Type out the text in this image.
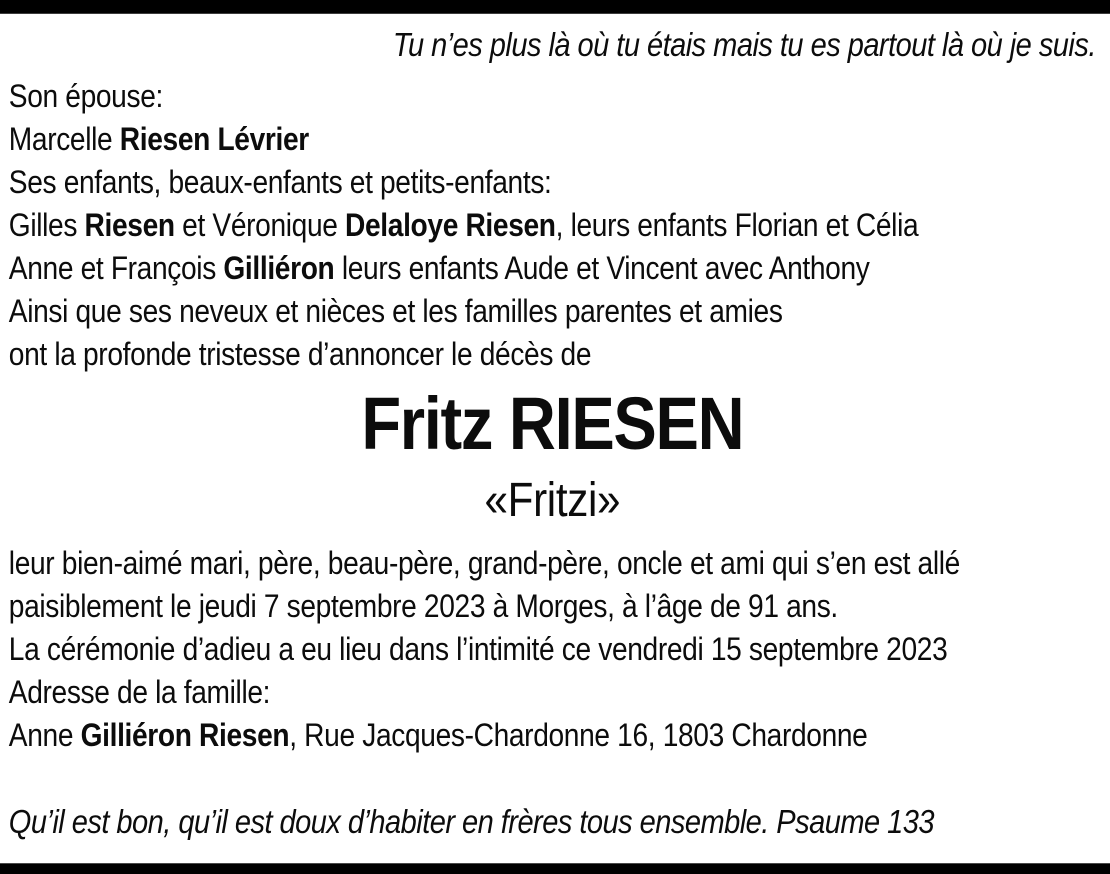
Tu n’es plus là où tu étais mais tu es partout là où je suis.

Son épouse:

Marcelle Riesen Lévrier

Ses enfants, beaux-enfants et petits-enfants:

Gilles Riesen et Véronique Delaloye Riesen, leurs enfants Florian et Célia

Anne et François Gilliéron leurs enfants Aude et Vincent avec Anthony

Ainsi que ses neveux et nièces et les familles parentes et amies

ont la profonde tristesse d’annoncer le décès de

Fritz RIESEN
«Fritzi»

leur bien-aimé mari, père, beau-père, grand-père, oncle et ami qui s’en est allé

paisiblement le jeudi 7 septembre 2023 à Morges, à l’âge de 91 ans.

La cérémonie d’adieu a eu lieu dans l’intimité ce vendredi 15 septembre 2023

Adresse de la famille:

Anne Gilliéron Riesen, Rue Jacques-Chardonne 16, 1803 Chardonne

Qu’il est bon, qu’il est doux d’habiter en frères tous ensemble. Psaume 133
